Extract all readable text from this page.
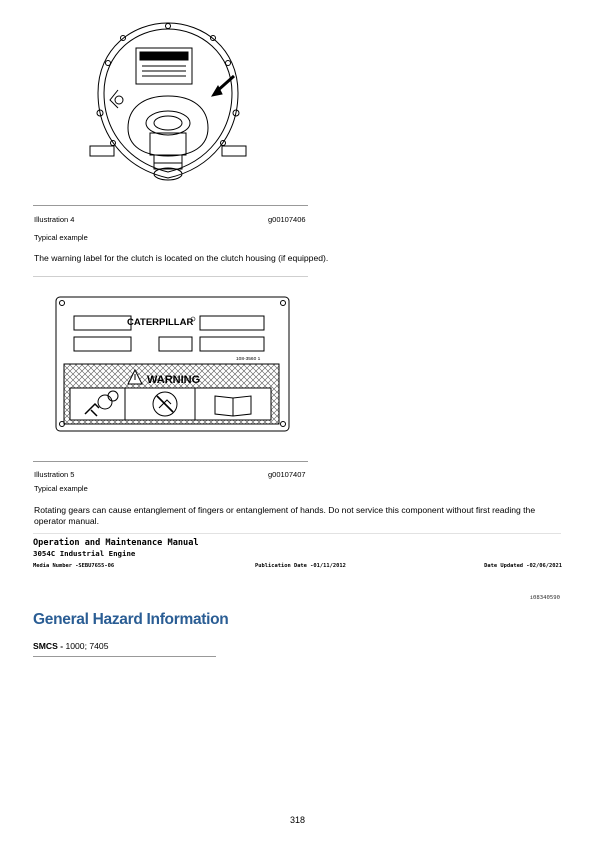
Illustration 4	g00107406
Typical example
The warning label for the clutch is located on the clutch housing (if equipped).
CATERPILLAR
108-3560 1
WARNING
Illustration 5	g00107407
Typical example
Rotating gears can cause entanglement of fingers or entanglement of hands. Do not service this component without first reading the operator manual.
Operation and Maintenance Manual
3054C Industrial Engine
Media Number -SEBU7655-06	Publication Date -01/11/2012	Date Updated -02/06/2021
i08340590
General Hazard Information
SMCS - 1000; 7405
318
